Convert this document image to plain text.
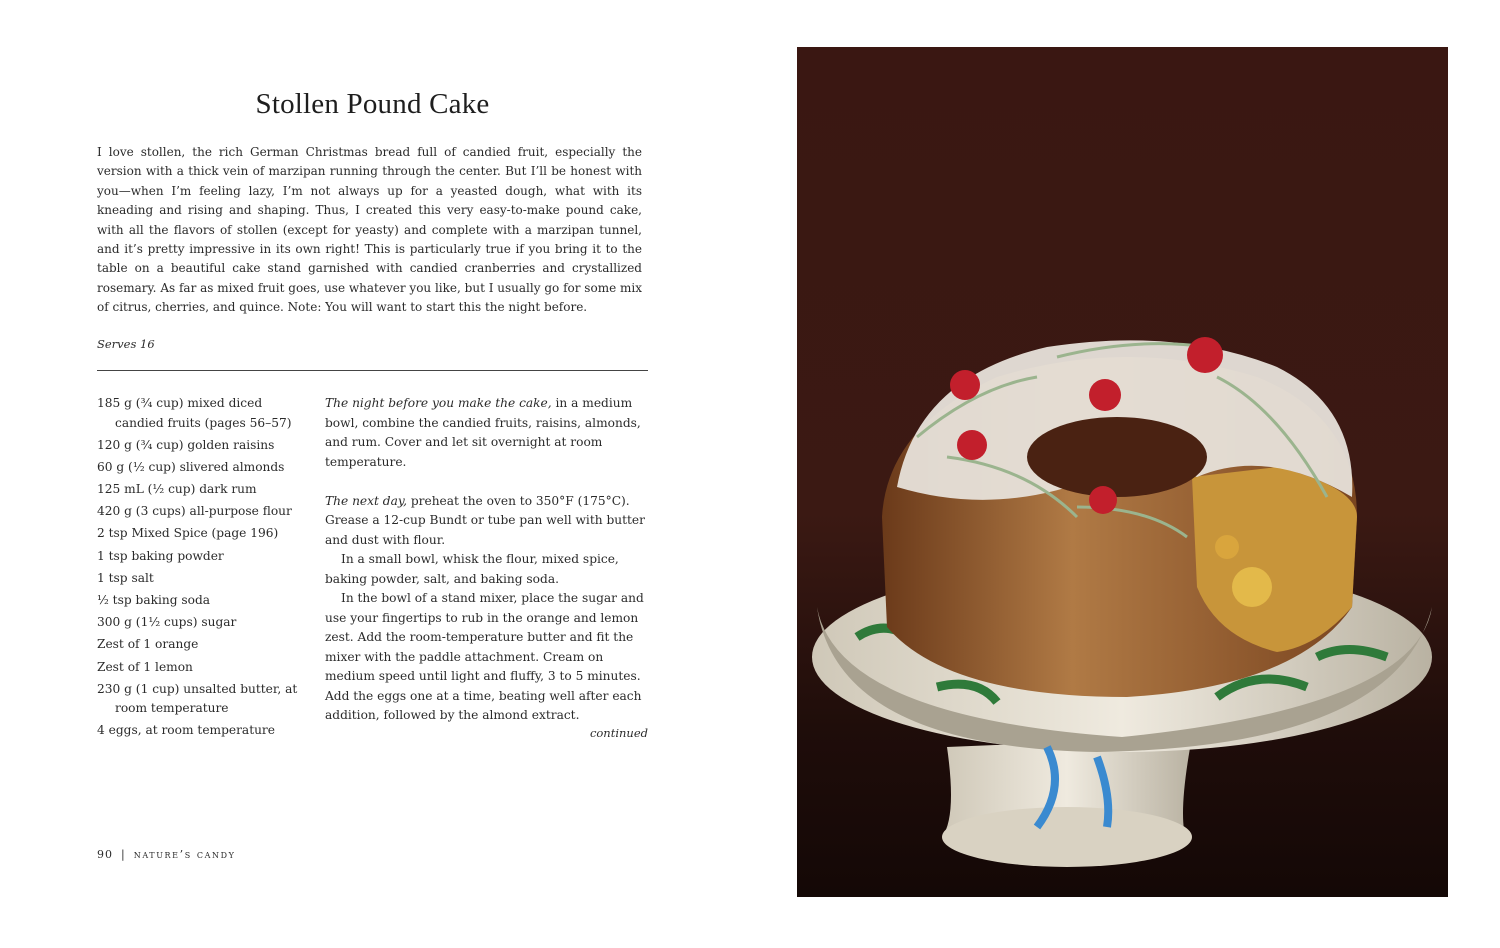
Stollen Pound Cake

I love stollen, the rich German Christmas bread full of candied fruit, especially the version with a thick vein of marzipan running through the center. But I’ll be honest with you—when I’m feeling lazy, I’m not always up for a yeasted dough, what with its kneading and rising and shaping. Thus, I created this very easy-to-make pound cake, with all the flavors of stollen (except for yeasty) and complete with a marzipan tunnel, and it’s pretty impressive in its own right! This is particularly true if you bring it to the table on a beautiful cake stand garnished with candied cranberries and crystallized rosemary. As far as mixed fruit goes, use whatever you like, but I usually go for some mix of citrus, cherries, and quince. Note: You will want to start this the night before.

Serves 16
185 g (¾ cup) mixed diced candied fruits (pages 56–57)
120 g (¾ cup) golden raisins
60 g (½ cup) slivered almonds
125 mL (½ cup) dark rum
420 g (3 cups) all-purpose flour
2 tsp Mixed Spice (page 196)
1 tsp baking powder
1 tsp salt
½ tsp baking soda
300 g (1½ cups) sugar
Zest of 1 orange
Zest of 1 lemon
230 g (1 cup) unsalted butter, at room temperature
4 eggs, at room temperature

The night before you make the cake, in a medium bowl, combine the candied fruits, raisins, almonds, and rum. Cover and let sit overnight at room temperature.

The next day, preheat the oven to 350°F (175°C). Grease a 12-cup Bundt or tube pan well with butter and dust with flour.

In a small bowl, whisk the flour, mixed spice, baking powder, salt, and baking soda.

In the bowl of a stand mixer, place the sugar and use your fingertips to rub in the orange and lemon zest. Add the room-temperature butter and fit the mixer with the paddle attachment. Cream on medium speed until light and fluffy, 3 to 5 minutes. Add the eggs one at a time, beating well after each addition, followed by the almond extract.

continued
90 | nature’s candy
